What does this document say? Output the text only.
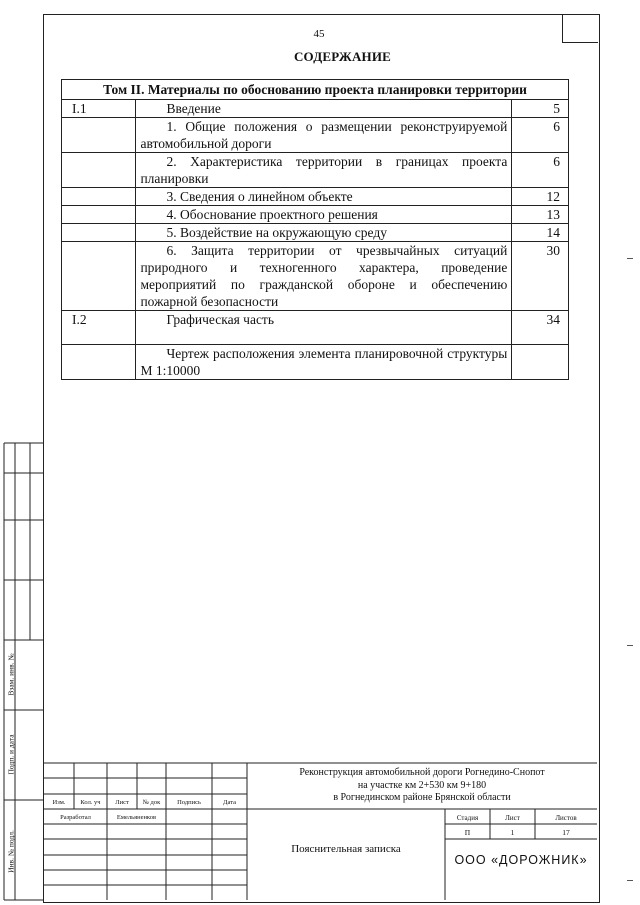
Взам. инв. №
Подп. и дата
Инв. № подл.
45
СОДЕРЖАНИЕ
Том II. Материалы по обоснованию проекта планировки территории		
I.1	Введение	5
	1. Общие положения о размещении реконструируемой автомобильной дороги	6
	2. Характеристика территории в границах проекта планировки	6
	3. Сведения о линейном объекте	12
	4. Обоснование проектного решения	13
	5. Воздействие на окружающую среду	14
	6. Защита территории от чрезвычайных ситуаций природного и техногенного характера, проведение мероприятий по гражданской обороне и обеспечению пожарной безопасности	30
I.2	Графическая часть	34
	Чертеж расположения элемента планировочной структуры М 1:10000	
Изм.	Кол. уч	Лист	№ док	Подпись	Дата
Разработал	Емельяненков
Реконструкция автомобильной дороги Рогнедино-Снопот
на участке км 2+530 км 9+180
в Рогнединском районе Брянской области
Пояснительная записка
Стадия	Лист	Листов
П	1	17
ООО «ДОРОЖНИК»
